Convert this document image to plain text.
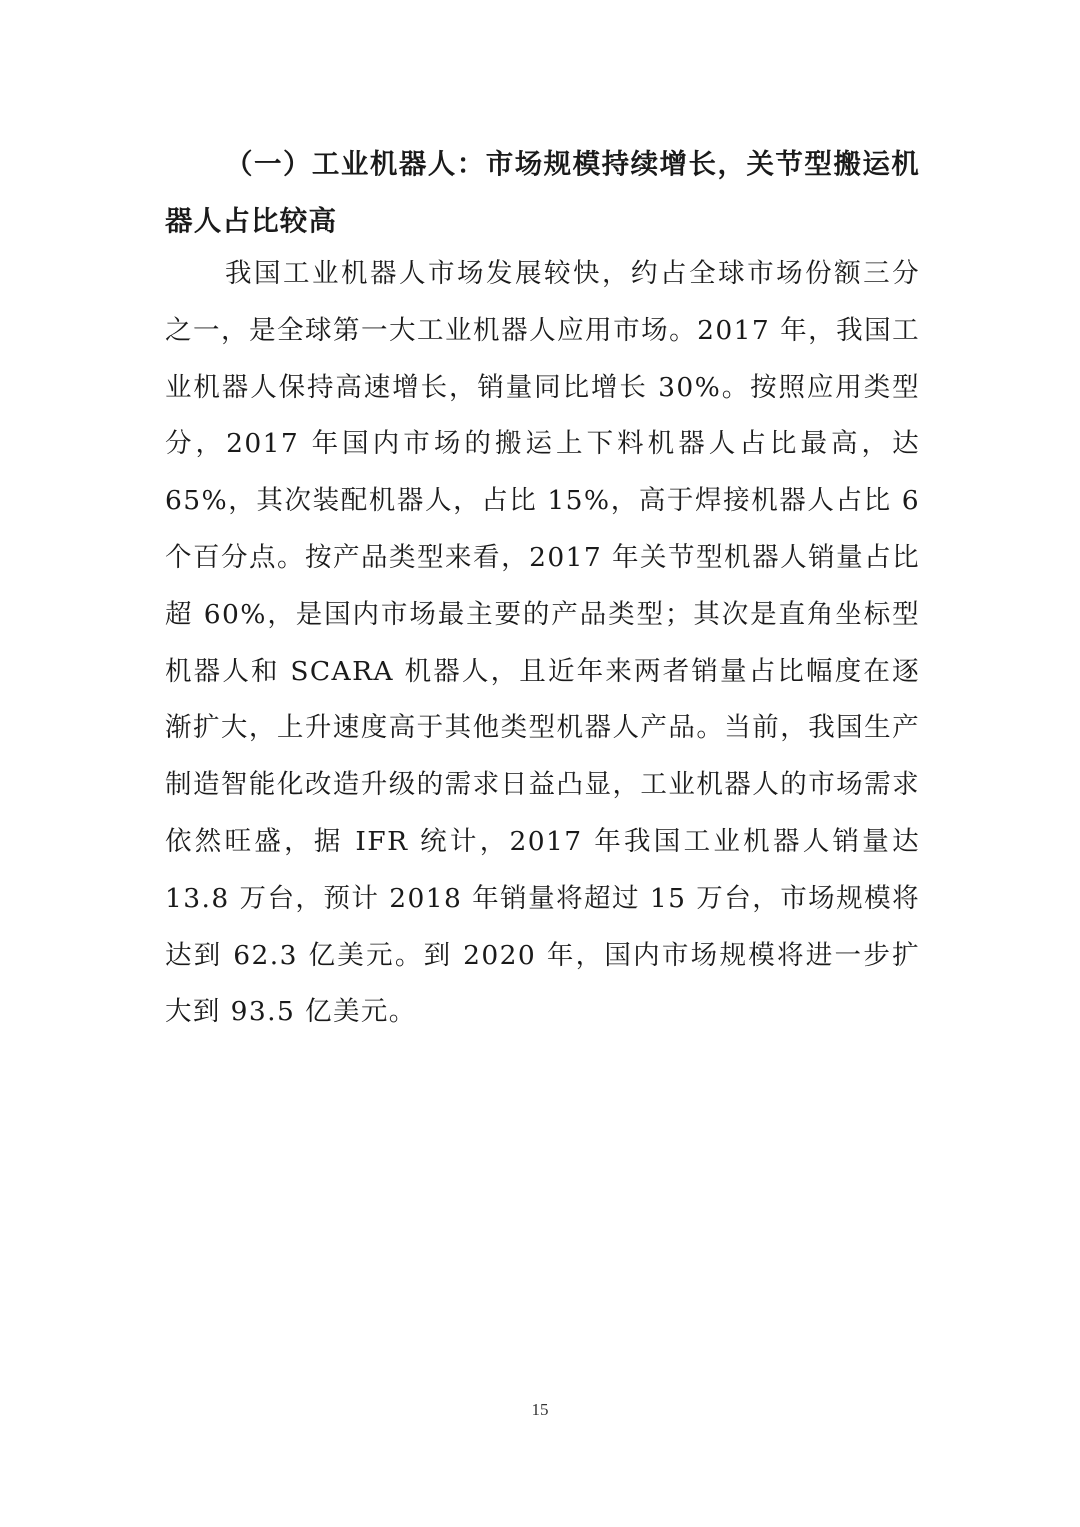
（一）工业机器人：市场规模持续增长，关节型搬运机器人占比较高

我国工业机器人市场发展较快，约占全球市场份额三分之一，是全球第一大工业机器人应用市场。2017 年，我国工业机器人保持高速增长，销量同比增长 30%。按照应用类型分，2017 年国内市场的搬运上下料机器人占比最高，达 65%，其次装配机器人，占比 15%，高于焊接机器人占比 6 个百分点。按产品类型来看，2017 年关节型机器人销量占比超 60%，是国内市场最主要的产品类型；其次是直角坐标型机器人和 SCARA 机器人，且近年来两者销量占比幅度在逐渐扩大，上升速度高于其他类型机器人产品。当前，我国生产制造智能化改造升级的需求日益凸显，工业机器人的市场需求依然旺盛，据 IFR 统计，2017 年我国工业机器人销量达 13.8 万台，预计 2018 年销量将超过 15 万台，市场规模将达到 62.3 亿美元。到 2020 年，国内市场规模将进一步扩大到 93.5 亿美元。

15
